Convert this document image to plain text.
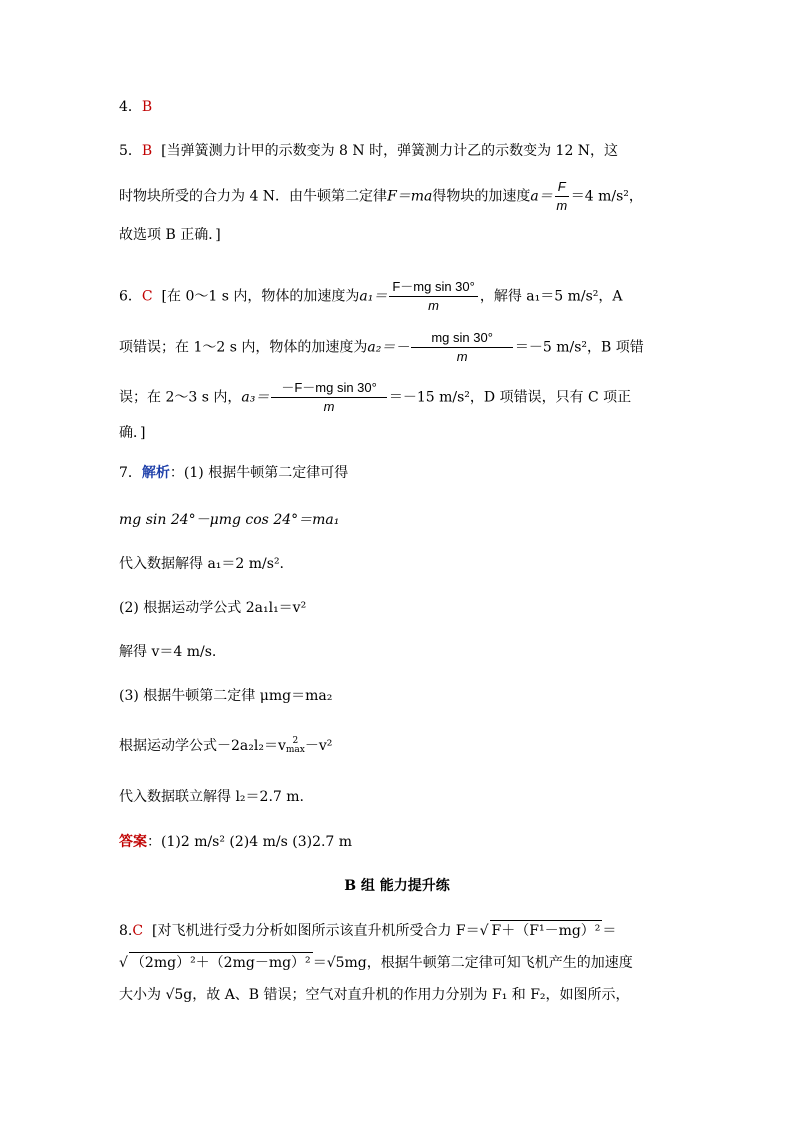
4．B
5．B [当弹簧测力计甲的示数变为 8 N 时，弹簧测力计乙的示数变为 12 N，这
时物块所受的合力为 4 N．由牛顿第二定律F＝ma得物块的加速度$a= \frac{F}{m} =4$ m/s²，
故选项 B 正确．]
6．C [在 0～1 s 内，物体的加速度为$a_1= \frac{\text{F－mg sin 30°}}{m}$ ，解得 a₁＝5 m/s²，A
项错误；在 1～2 s 内，物体的加速度为$a_2=- \frac{\text{mg sin 30°}}{m} =-5$ m/s²，B 项错
误；在 2～3 s 内，$a_3= \frac{\text{－F－mg sin 30°}}{m} =-15$ m/s²，D 项错误，只有 C 项正
确．]
7．解析：(1) 根据牛顿第二定律可得
mg sin 24°－μmg cos 24°＝ma₁
代入数据解得 a₁＝2 m/s².
(2) 根据运动学公式 2a₁l₁＝v²
解得 v＝4 m/s.
(3) 根据牛顿第二定律 μmg＝ma₂
根据运动学公式－2a₂l₂＝v 2
max －v²
代入数据联立解得 l₂＝2.7 m.
答案：(1)2 m/s² (2)4 m/s (3)2.7 m
B 组 能力提升练
8.C [对飞机进行受力分析如图所示该直升机所受合力 F＝√ F＋（F¹－mg）² ＝
√ （2mg）²＋（2mg－mg）² ＝√5mg，根据牛顿第二定律可知飞机产生的加速度
大小为 √5g，故 A、B 错误；空气对直升机的作用力分别为 F₁ 和 F₂，如图所示，
